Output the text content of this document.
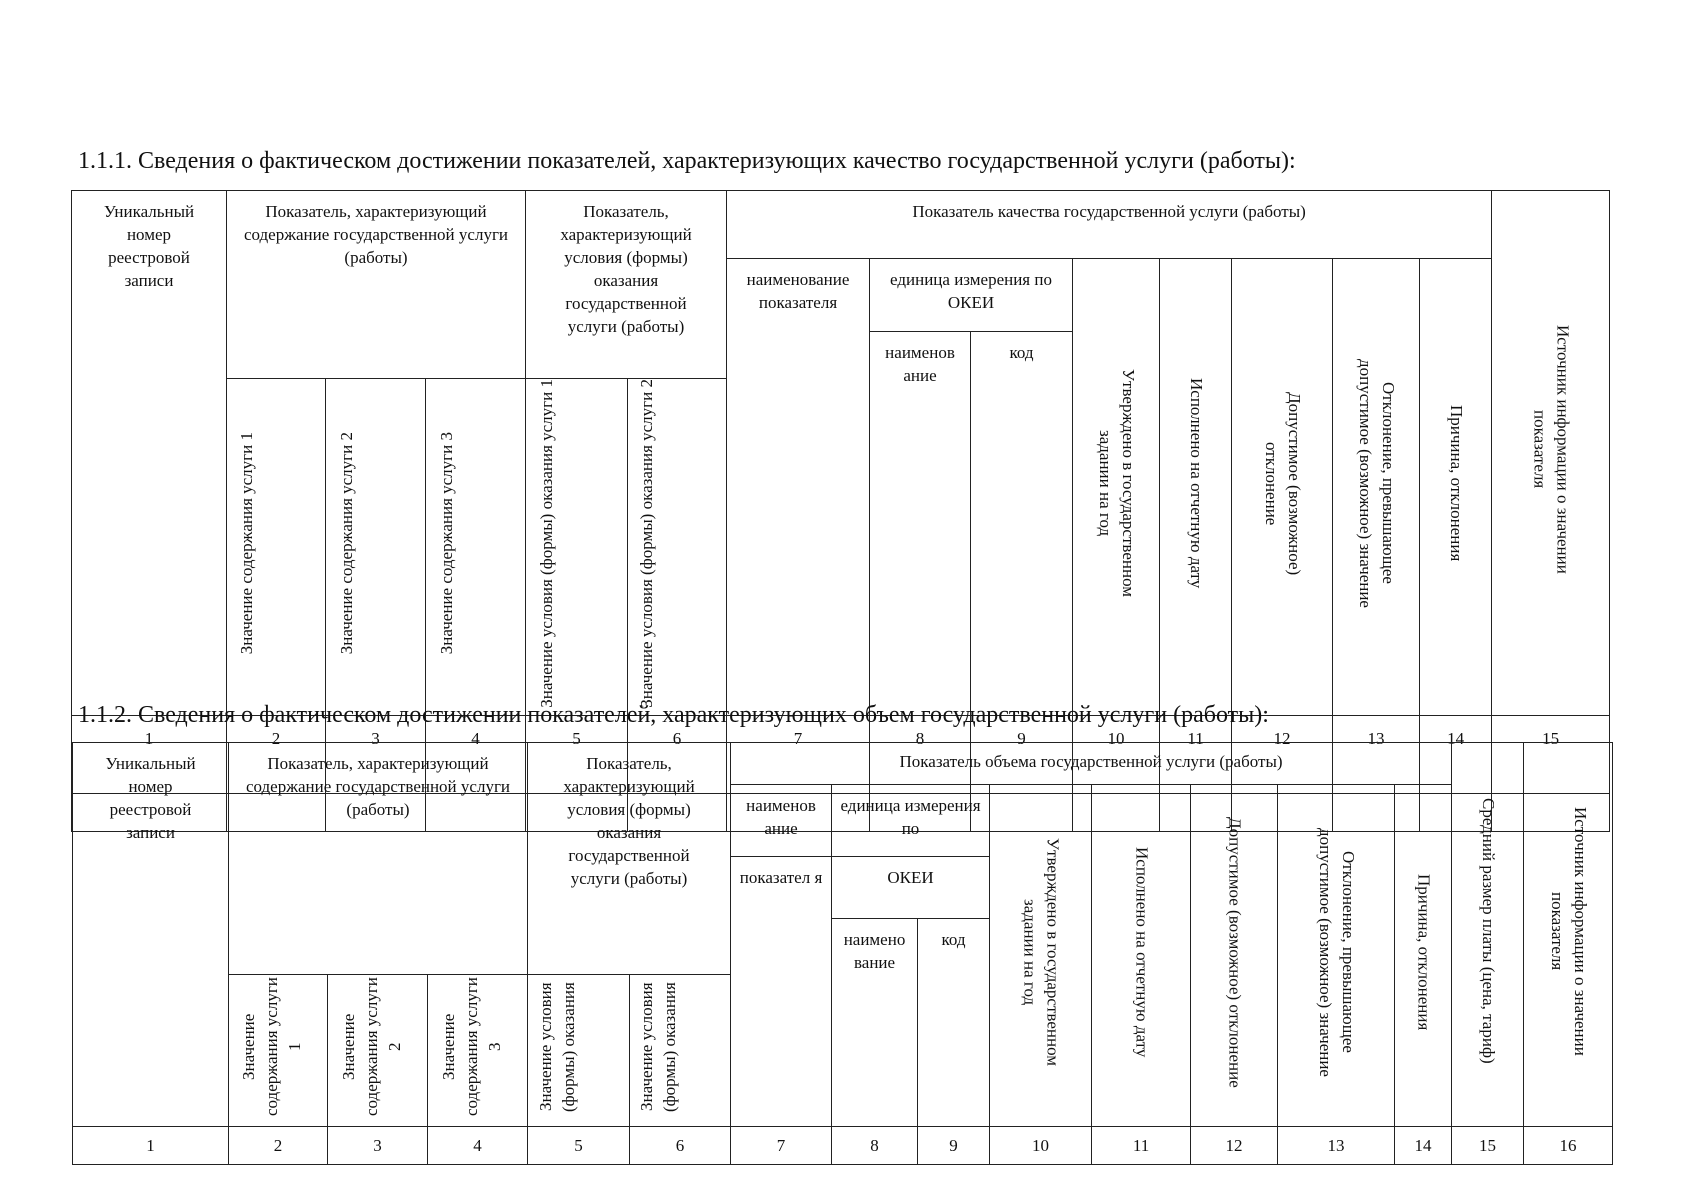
1.1.1. Сведения о фактическом достижении показателей, характеризующих качество государственной услуги (работы):
Уникальный номер реестровой записи	Показатель, характеризующий содержание государственной услуги (работы)			Показатель, характеризующий условия (формы) оказания государственной услуги (работы)		Показатель качества государственной услуги (работы)								Источник информации о значении показателя
						наименование показателя	единица измерения по ОКЕИ		Утверждено в государственном задании на год	Исполнено на отчетную дату	Допустимое (возможное) отклонение	Отклонение, превышающее допустимое (возможное) значение	Причина, отклонения	
							наименов ание	код						
	Значение содержания услуги 1	Значение содержания услуги 2	Значение содержания услуги 3	Значение условия (формы) оказания услуги 1	Значение условия (формы) оказания услуги 2									
1	2	3	4	5	6	7	8	9	10	11	12	13	14	15

1.1.2. Сведения о фактическом достижении показателей, характеризующих объем государственной услуги (работы):
Уникальный номер реестровой записи	Показатель, характеризующий содержание государственной услуги (работы)			Показатель, характеризующий условия (формы) оказания государственной услуги (работы)		Показатель объема государственной услуги (работы)								Средний размер платы (цена, тариф)	Источник информации о значении показателя
						наименов ание	единица измерения по		Утверждено в государственном задании на год	Исполнено на отчетную дату	Допустимое (возможное) отклонение	Отклонение, превышающее допустимое (возможное) значение	Причина, отклонения		
						показател я	ОКЕИ								
							наимено вание	код							

	Значение содержания услуги 1	Значение содержания услуги 2	Значение содержания услуги 3	Значение условия (формы) оказания	Значение условия (формы) оказания										
1	2	3	4	5	6	7	8	9	10	11	12	13	14	15	16
